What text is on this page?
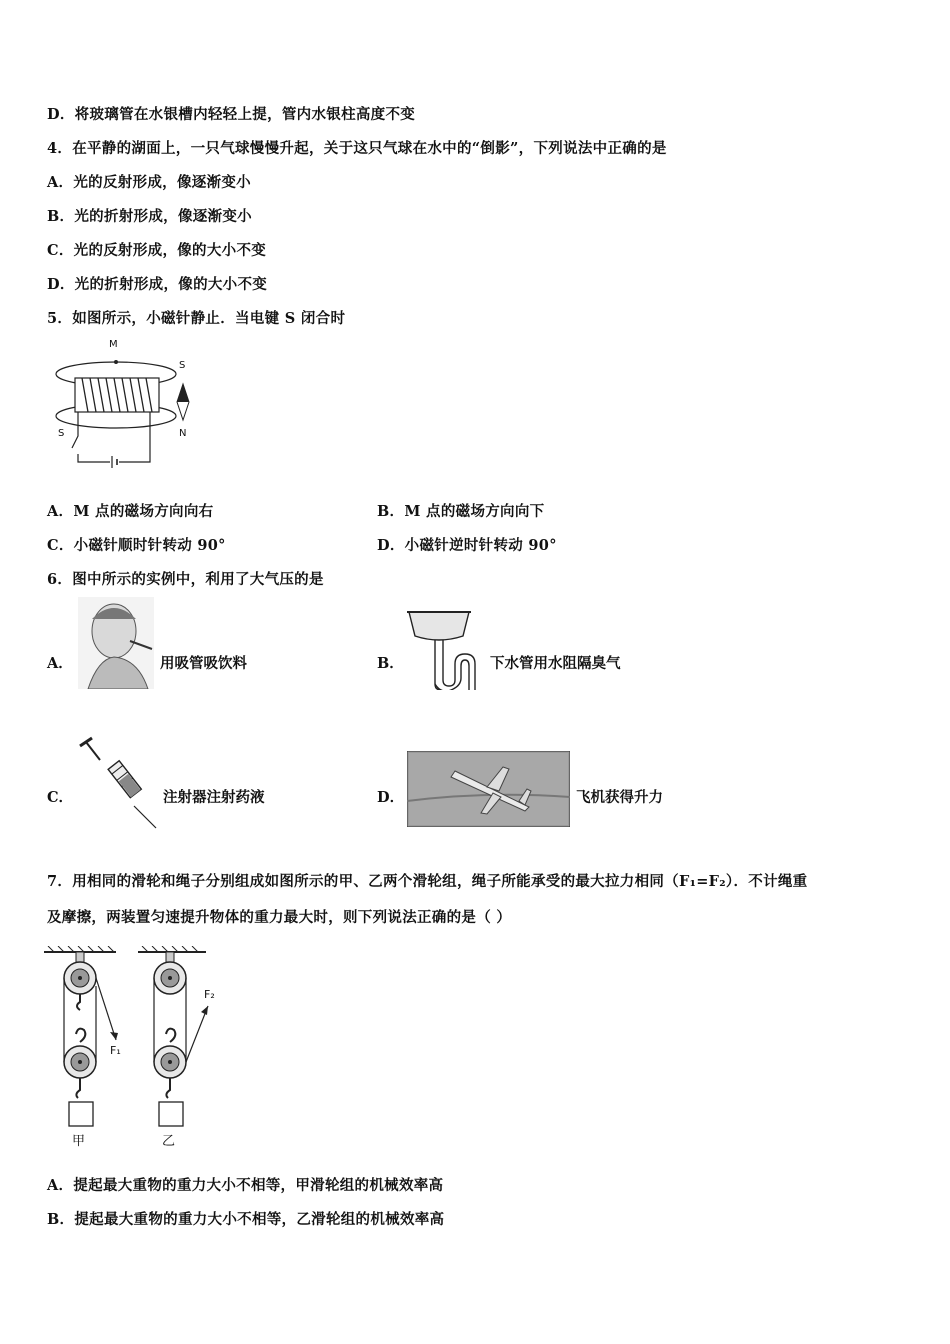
D．将玻璃管在水银槽内轻轻上提，管内水银柱高度不变
4．在平静的湖面上，一只气球慢慢升起，关于这只气球在水中的“倒影”，下列说法中正确的是
A．光的反射形成，像逐渐变小
B．光的折射形成，像逐渐变小
C．光的反射形成，像的大小不变
D．光的折射形成，像的大小不变
5．如图所示，小磁针静止．当电键 S 闭合时
M
S
N
S
A．M 点的磁场方向向右	B．M 点的磁场方向向下
C．小磁针顺时针转动 90°	D．小磁针逆时针转动 90°
6．图中所示的实例中，利用了大气压的是
A．	用吸管吸饮料	B．	下水管用水阻隔臭气
C．	注射器注射药液	D．	飞机获得升力
7．用相同的滑轮和绳子分别组成如图所示的甲、乙两个滑轮组，绳子所能承受的最大拉力相同（F₁=F₂）．不计绳重
及摩擦，两装置匀速提升物体的重力最大时，则下列说法正确的是（ ）
F₁
F₂
甲	乙
A．提起最大重物的重力大小不相等，甲滑轮组的机械效率高
B．提起最大重物的重力大小不相等，乙滑轮组的机械效率高
